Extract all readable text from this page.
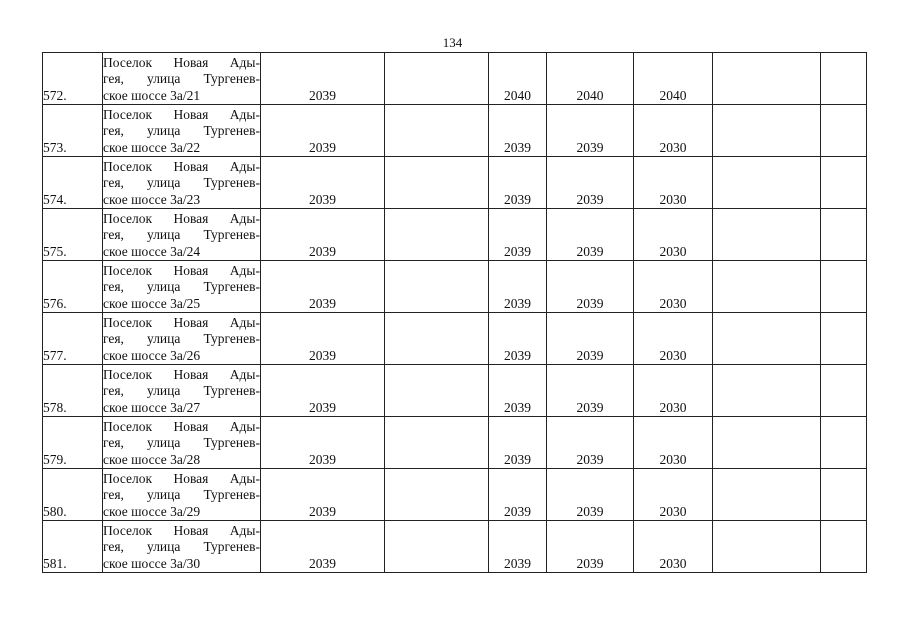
134
572.	Поселок Новая Ады-
гея, улица Тургенев-
ское шоссе 3а/21	2039		2040	2040	2040		
573.	Поселок Новая Ады-
гея, улица Тургенев-
ское шоссе 3а/22	2039		2039	2039	2030		
574.	Поселок Новая Ады-
гея, улица Тургенев-
ское шоссе 3а/23	2039		2039	2039	2030		
575.	Поселок Новая Ады-
гея, улица Тургенев-
ское шоссе 3а/24	2039		2039	2039	2030		
576.	Поселок Новая Ады-
гея, улица Тургенев-
ское шоссе 3а/25	2039		2039	2039	2030		
577.	Поселок Новая Ады-
гея, улица Тургенев-
ское шоссе 3а/26	2039		2039	2039	2030		
578.	Поселок Новая Ады-
гея, улица Тургенев-
ское шоссе 3а/27	2039		2039	2039	2030		
579.	Поселок Новая Ады-
гея, улица Тургенев-
ское шоссе 3а/28	2039		2039	2039	2030		
580.	Поселок Новая Ады-
гея, улица Тургенев-
ское шоссе 3а/29	2039		2039	2039	2030		
581.	Поселок Новая Ады-
гея, улица Тургенев-
ское шоссе 3а/30	2039		2039	2039	2030		
